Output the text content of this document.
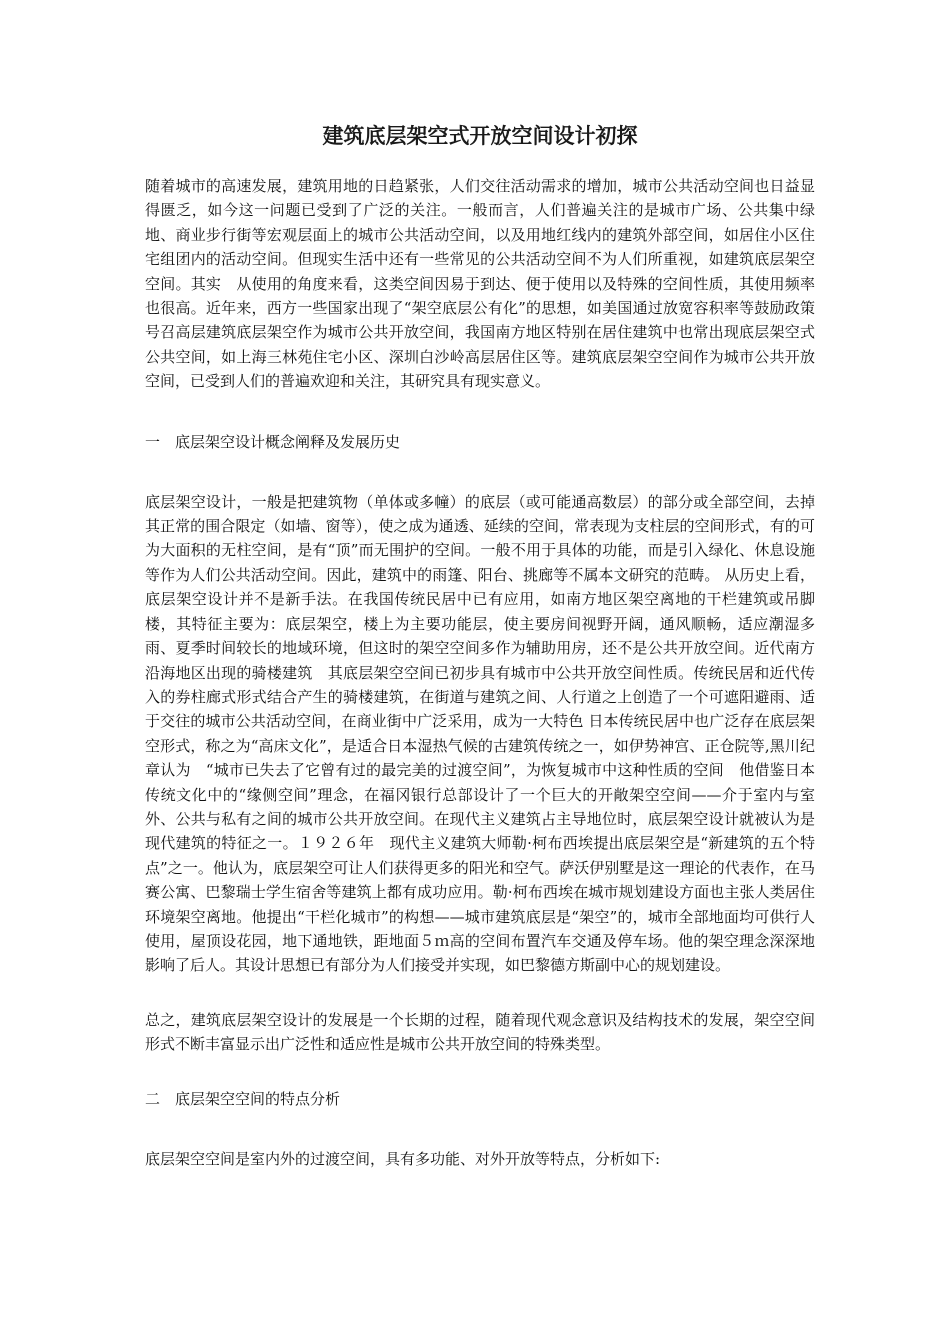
建筑底层架空式开放空间设计初探

随着城市的高速发展，建筑用地的日趋紧张，人们交往活动需求的增加，城市公共活动空间也日益显得匮乏，如今这一问题已受到了广泛的关注。一般而言，人们普遍关注的是城市广场、公共集中绿地、商业步行街等宏观层面上的城市公共活动空间，以及用地红线内的建筑外部空间，如居住小区住宅组团内的活动空间。但现实生活中还有一些常见的公共活动空间不为人们所重视，如建筑底层架空空间。其实　从使用的角度来看，这类空间因易于到达、便于使用以及特殊的空间性质，其使用频率也很高。近年来，西方一些国家出现了“架空底层公有化”的思想，如美国通过放宽容积率等鼓励政策号召高层建筑底层架空作为城市公共开放空间，我国南方地区特别在居住建筑中也常出现底层架空式公共空间，如上海三林苑住宅小区、深圳白沙岭高层居住区等。建筑底层架空空间作为城市公共开放空间，已受到人们的普遍欢迎和关注，其研究具有现实意义。

一　底层架空设计概念阐释及发展历史

底层架空设计，一般是把建筑物（单体或多幢）的底层（或可能通高数层）的部分或全部空间，去掉其正常的围合限定（如墙、窗等），使之成为通透、延续的空间，常表现为支柱层的空间形式，有的可为大面积的无柱空间，是有“顶”而无围护的空间。一般不用于具体的功能，而是引入绿化、休息设施等作为人们公共活动空间。因此，建筑中的雨篷、阳台、挑廊等不属本文研究的范畴。 从历史上看，底层架空设计并不是新手法。在我国传统民居中已有应用，如南方地区架空离地的干栏建筑或吊脚楼，其特征主要为：底层架空，楼上为主要功能层，使主要房间视野开阔，通风顺畅，适应潮湿多雨、夏季时间较长的地域环境，但这时的架空空间多作为辅助用房，还不是公共开放空间。近代南方沿海地区出现的骑楼建筑　其底层架空空间已初步具有城市中公共开放空间性质。传统民居和近代传入的券柱廊式形式结合产生的骑楼建筑，在街道与建筑之间、人行道之上创造了一个可遮阳避雨、适于交往的城市公共活动空间，在商业街中广泛采用，成为一大特色 日本传统民居中也广泛存在底层架空形式，称之为“高床文化”，是适合日本湿热气候的古建筑传统之一，如伊势神宫、正仓院等,黑川纪章认为　“城市已失去了它曾有过的最完美的过渡空间”，为恢复城市中这种性质的空间　他借鉴日本传统文化中的“缘侧空间”理念，在福冈银行总部设计了一个巨大的开敞架空空间——介于室内与室外、公共与私有之间的城市公共开放空间。在现代主义建筑占主导地位时，底层架空设计就被认为是现代建筑的特征之一。１９２６年　现代主义建筑大师勒·柯布西埃提出底层架空是“新建筑的五个特点”之一。他认为，底层架空可让人们获得更多的阳光和空气。萨沃伊别墅是这一理论的代表作，在马赛公寓、巴黎瑞士学生宿舍等建筑上都有成功应用。勒·柯布西埃在城市规划建设方面也主张人类居住环境架空离地。他提出“干栏化城市”的构想——城市建筑底层是“架空”的，城市全部地面均可供行人使用，屋顶设花园，地下通地铁，距地面５ｍ高的空间布置汽车交通及停车场。他的架空理念深深地影响了后人。其设计思想已有部分为人们接受并实现，如巴黎德方斯副中心的规划建设。

总之，建筑底层架空设计的发展是一个长期的过程，随着现代观念意识及结构技术的发展，架空空间形式不断丰富显示出广泛性和适应性是城市公共开放空间的特殊类型。

二　底层架空空间的特点分析

底层架空空间是室内外的过渡空间，具有多功能、对外开放等特点，分析如下:
